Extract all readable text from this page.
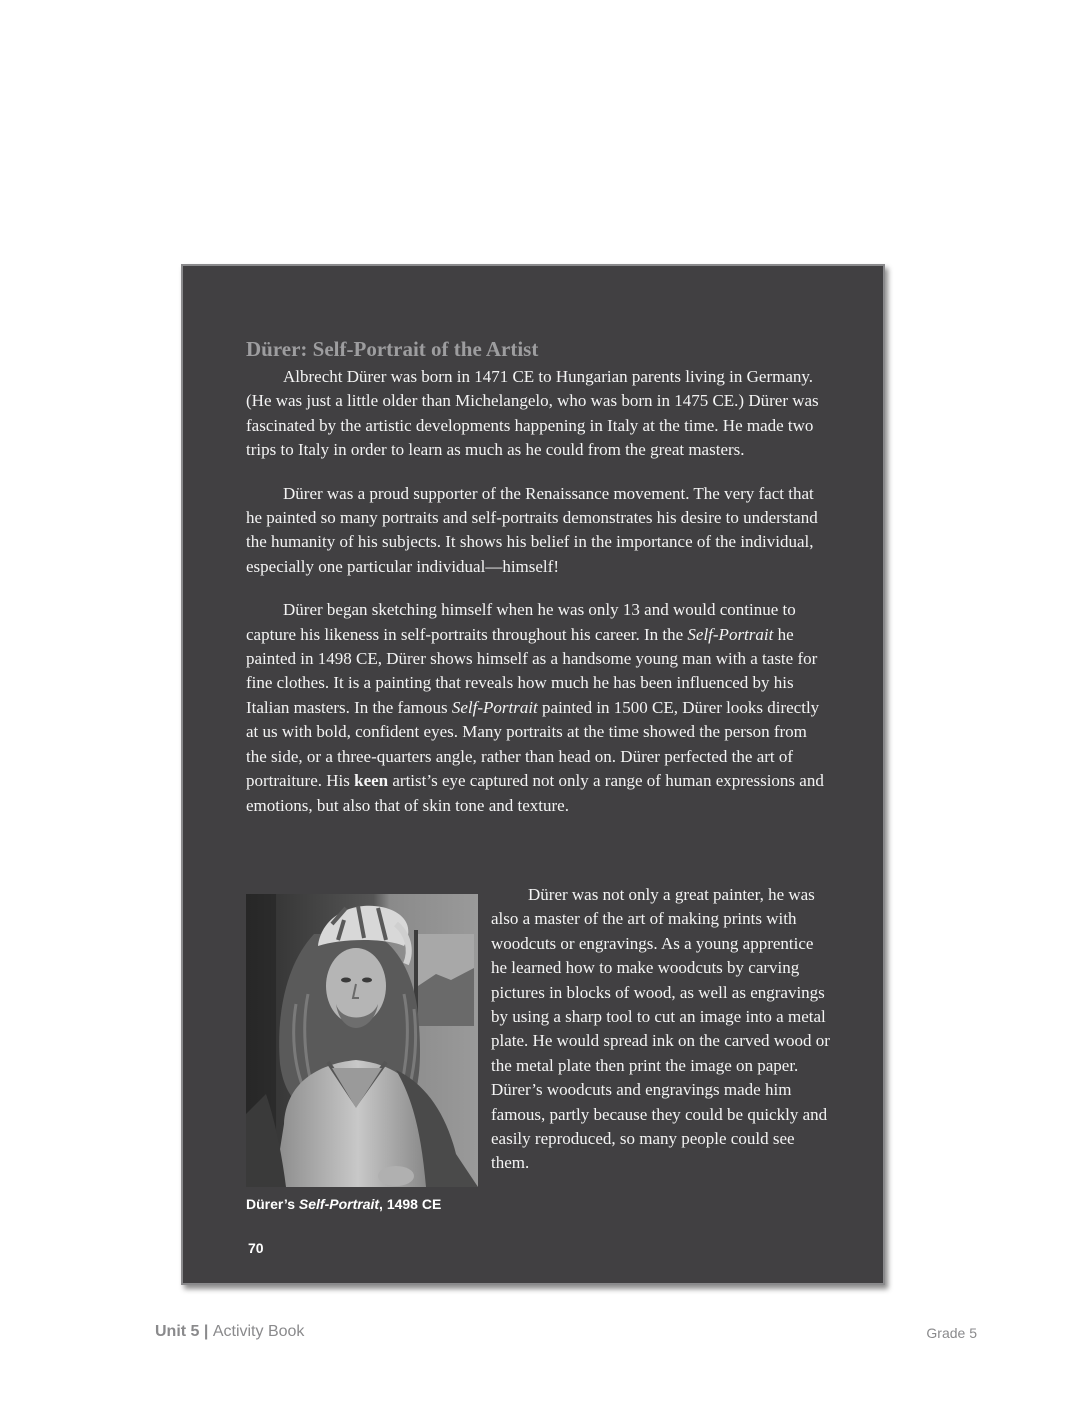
Dürer: Self-Portrait of the Artist

Albrecht Dürer was born in 1471 CE to Hungarian parents living in Germany. (He was just a little older than Michelangelo, who was born in 1475 CE.) Dürer was fascinated by the artistic developments happening in Italy at the time. He made two trips to Italy in order to learn as much as he could from the great masters.

Dürer was a proud supporter of the Renaissance movement. The very fact that he painted so many portraits and self-portraits demonstrates his desire to understand the humanity of his subjects. It shows his belief in the importance of the individual, especially one particular individual—himself!

Dürer began sketching himself when he was only 13 and would continue to capture his likeness in self-portraits throughout his career. In the Self-Portrait he painted in 1498 CE, Dürer shows himself as a handsome young man with a taste for fine clothes. It is a painting that reveals how much he has been influenced by his Italian masters. In the famous Self-Portrait painted in 1500 CE, Dürer looks directly at us with bold, confident eyes. Many portraits at the time showed the person from the side, or a three-quarters angle, rather than head on. Dürer perfected the art of portraiture. His keen artist’s eye captured not only a range of human expressions and emotions, but also that of skin tone and texture.

Dürer’s Self-Portrait, 1498 CE

Dürer was not only a great painter, he was also a master of the art of making prints with woodcuts or engravings. As a young apprentice he learned how to make woodcuts by carving pictures in blocks of wood, as well as engravings by using a sharp tool to cut an image into a metal plate. He would spread ink on the carved wood or the metal plate then print the image on paper. Dürer’s woodcuts and engravings made him famous, partly because they could be quickly and easily reproduced, so many people could see them.

70
Unit 5 | Activity Book	Grade 5
